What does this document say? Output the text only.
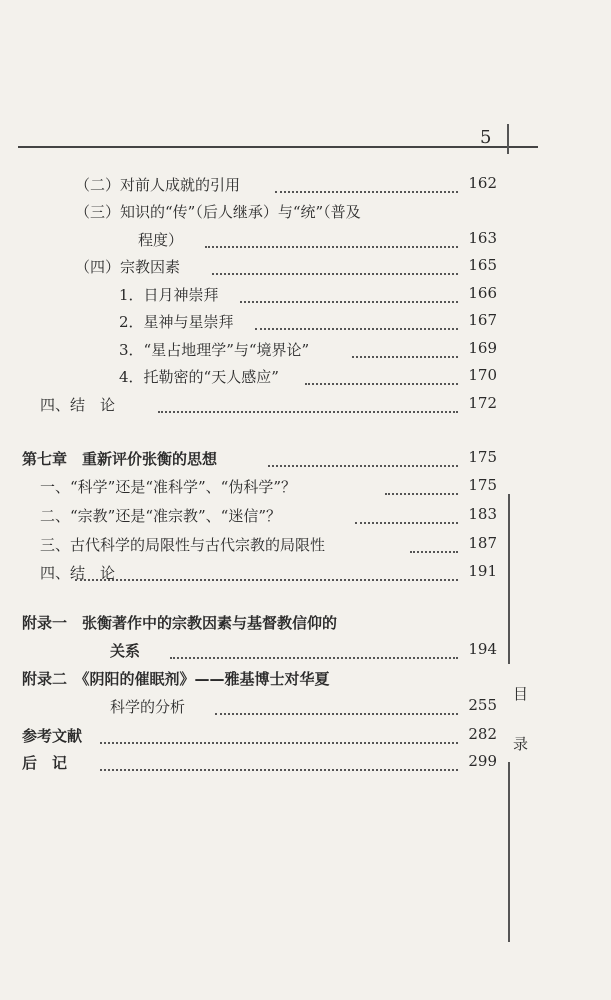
5
目
录
（二）对前人成就的引用	162
（三）知识的“传”（后人继承）与“统”（普及
程度）	163
（四）宗教因素	165
1．日月神崇拜	166
2．星神与星崇拜	167
3．“星占地理学”与“境界论”	169
4．托勒密的“天人感应”	170
四、结　论	172
第七章　重新评价张衡的思想	175
一、“科学”还是“准科学”、“伪科学”？	175
二、“宗教”还是“准宗教”、“迷信”？	183
三、古代科学的局限性与古代宗教的局限性	187
四、结　论	191
附录一　张衡著作中的宗教因素与基督教信仰的
关系	194
附录二　《阴阳的催眠剂》——雅基博士对华夏
科学的分析	255
参考文献	282
后　记	299
